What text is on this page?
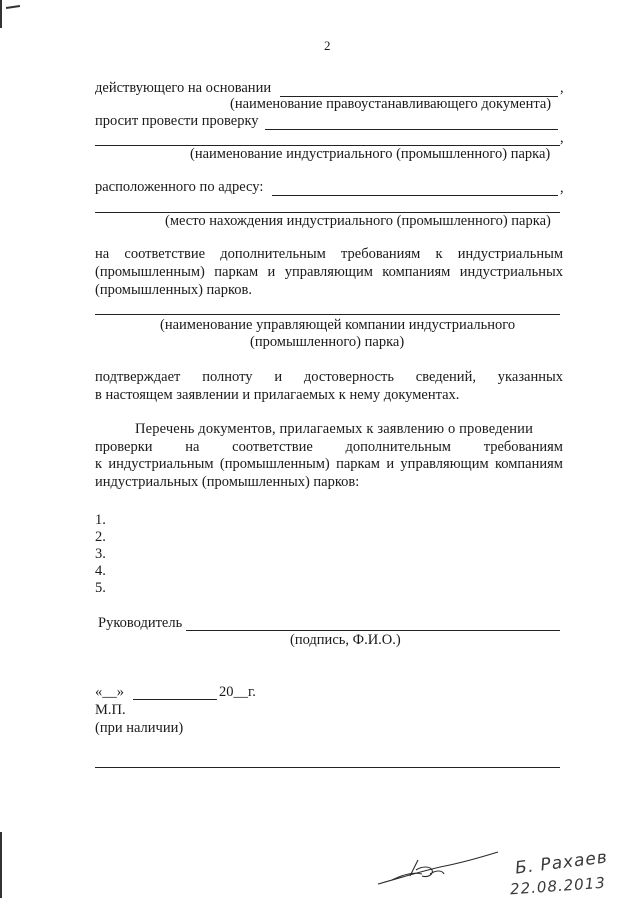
2
действующего на основании	,
(наименование правоустанавливающего документа)
просит провести проверку
,
(наименование индустриального (промышленного) парка)
расположенного по адресу:	,
(место нахождения индустриального (промышленного) парка)
на соответствие дополнительным требованиям к индустриальным
(промышленным) паркам и управляющим компаниям индустриальных
(промышленных) парков.
(наименование управляющей компании индустриального
(промышленного) парка)
подтверждает полноту и достоверность сведений, указанных
в настоящем заявлении и прилагаемых к нему документах.
Перечень документов, прилагаемых к заявлению о проведении
проверки на соответствие дополнительным требованиям
к индустриальным (промышленным) паркам и управляющим компаниям
индустриальных (промышленных) парков:
1.
2.
3.
4.
5.
Руководитель
(подпись, Ф.И.О.)
«__»	20__ г.
М.П.
(при наличии)
Б. Рахаев
22.08.2013
